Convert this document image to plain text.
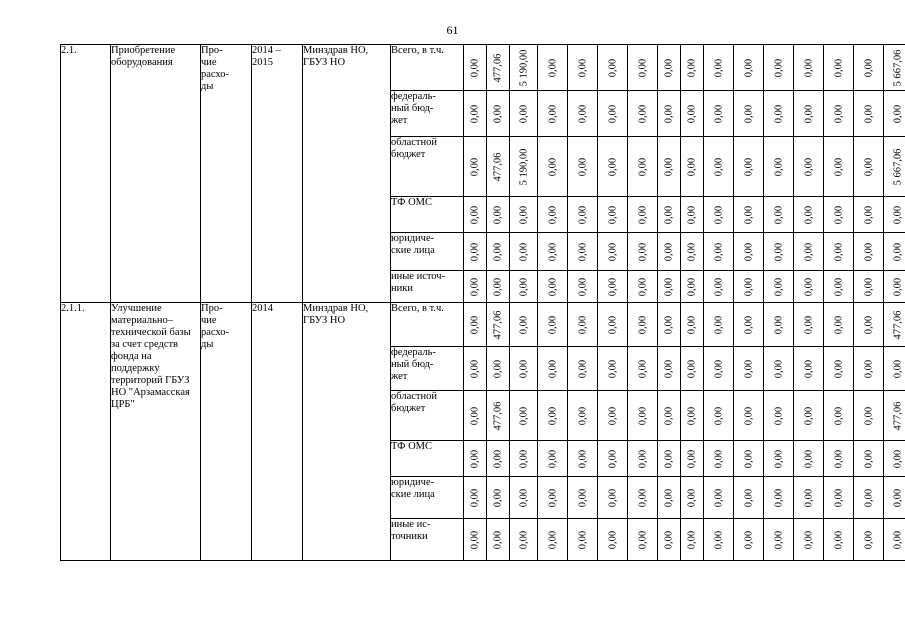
61
2.1.	Приобретение оборудования	Про-
чие
расхо-
ды	2014 –
2015	Минздрав НО, ГБУЗ НО	Всего, в т.ч.	0,00	477,06	5 190,00	0,00	0,00	0,00	0,00	0,00	0,00	0,00	0,00	0,00	0,00	0,00	0,00	5 667,06

					федераль-
ный бюд-
жет	0,00	0,00	0,00	0,00	0,00	0,00	0,00	0,00	0,00	0,00	0,00	0,00	0,00	0,00	0,00	0,00

					областной бюджет	0,00	477,06	5 190,00	0,00	0,00	0,00	0,00	0,00	0,00	0,00	0,00	0,00	0,00	0,00	0,00	5 667,06

					ТФ ОМС	0,00	0,00	0,00	0,00	0,00	0,00	0,00	0,00	0,00	0,00	0,00	0,00	0,00	0,00	0,00	0,00

					юридиче-
ские лица	0,00	0,00	0,00	0,00	0,00	0,00	0,00	0,00	0,00	0,00	0,00	0,00	0,00	0,00	0,00	0,00

					иные источ-
ники	0,00	0,00	0,00	0,00	0,00	0,00	0,00	0,00	0,00	0,00	0,00	0,00	0,00	0,00	0,00	0,00

2.1.1.	Улучшение материально–технической базы за счет средств фонда на поддержку территорий ГБУЗ НО "Арзамасская ЦРБ"	Про-
чие
расхо-
ды	2014	Минздрав НО, ГБУЗ НО	Всего, в т.ч.	0,00	477,06	0,00	0,00	0,00	0,00	0,00	0,00	0,00	0,00	0,00	0,00	0,00	0,00	0,00	477,06

					федераль-
ный бюд-
жет	0,00	0,00	0,00	0,00	0,00	0,00	0,00	0,00	0,00	0,00	0,00	0,00	0,00	0,00	0,00	0,00

					областной бюджет	0,00	477,06	0,00	0,00	0,00	0,00	0,00	0,00	0,00	0,00	0,00	0,00	0,00	0,00	0,00	477,06

					ТФ ОМС	0,00	0,00	0,00	0,00	0,00	0,00	0,00	0,00	0,00	0,00	0,00	0,00	0,00	0,00	0,00	0,00

					юридиче-
ские лица	0,00	0,00	0,00	0,00	0,00	0,00	0,00	0,00	0,00	0,00	0,00	0,00	0,00	0,00	0,00	0,00

					иные ис-
точники	0,00	0,00	0,00	0,00	0,00	0,00	0,00	0,00	0,00	0,00	0,00	0,00	0,00	0,00	0,00	0,00
